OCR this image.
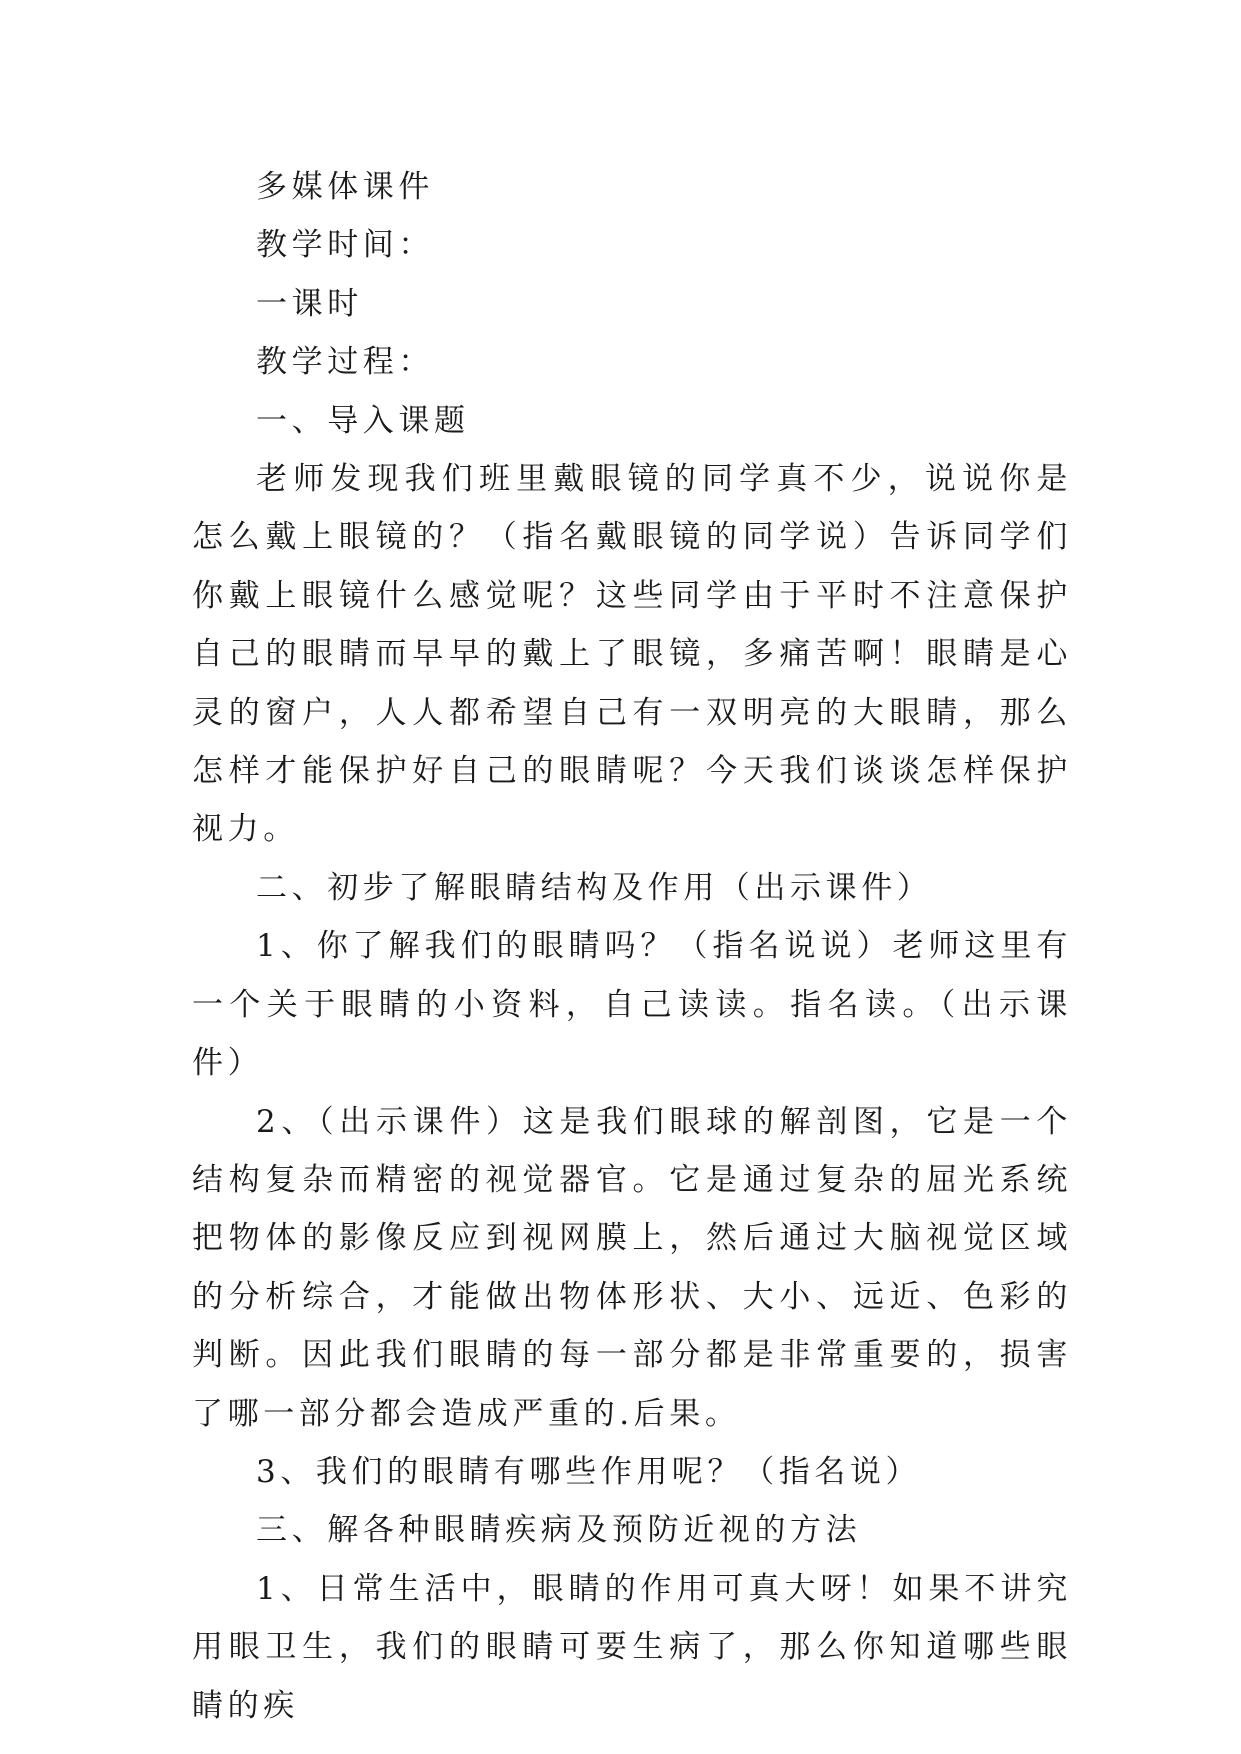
多媒体课件

教学时间：

一课时

教学过程：

一、导入课题

老师发现我们班里戴眼镜的同学真不少，说说你是怎么戴上眼镜的？（指名戴眼镜的同学说）告诉同学们你戴上眼镜什么感觉呢？这些同学由于平时不注意保护自己的眼睛而早早的戴上了眼镜，多痛苦啊！眼睛是心灵的窗户，人人都希望自己有一双明亮的大眼睛，那么怎样才能保护好自己的眼睛呢？今天我们谈谈怎样保护视力。

二、初步了解眼睛结构及作用（出示课件）

1、你了解我们的眼睛吗？（指名说说）老师这里有一个关于眼睛的小资料，自己读读。指名读。（出示课件）

2、（出示课件）这是我们眼球的解剖图，它是一个结构复杂而精密的视觉器官。它是通过复杂的屈光系统把物体的影像反应到视网膜上，然后通过大脑视觉区域的分析综合，才能做出物体形状、大小、远近、色彩的判断。因此我们眼睛的每一部分都是非常重要的，损害了哪一部分都会造成严重的.后果。

3、我们的眼睛有哪些作用呢？（指名说）

三、解各种眼睛疾病及预防近视的方法

1、日常生活中，眼睛的作用可真大呀！如果不讲究用眼卫生，我们的眼睛可要生病了，那么你知道哪些眼睛的疾
